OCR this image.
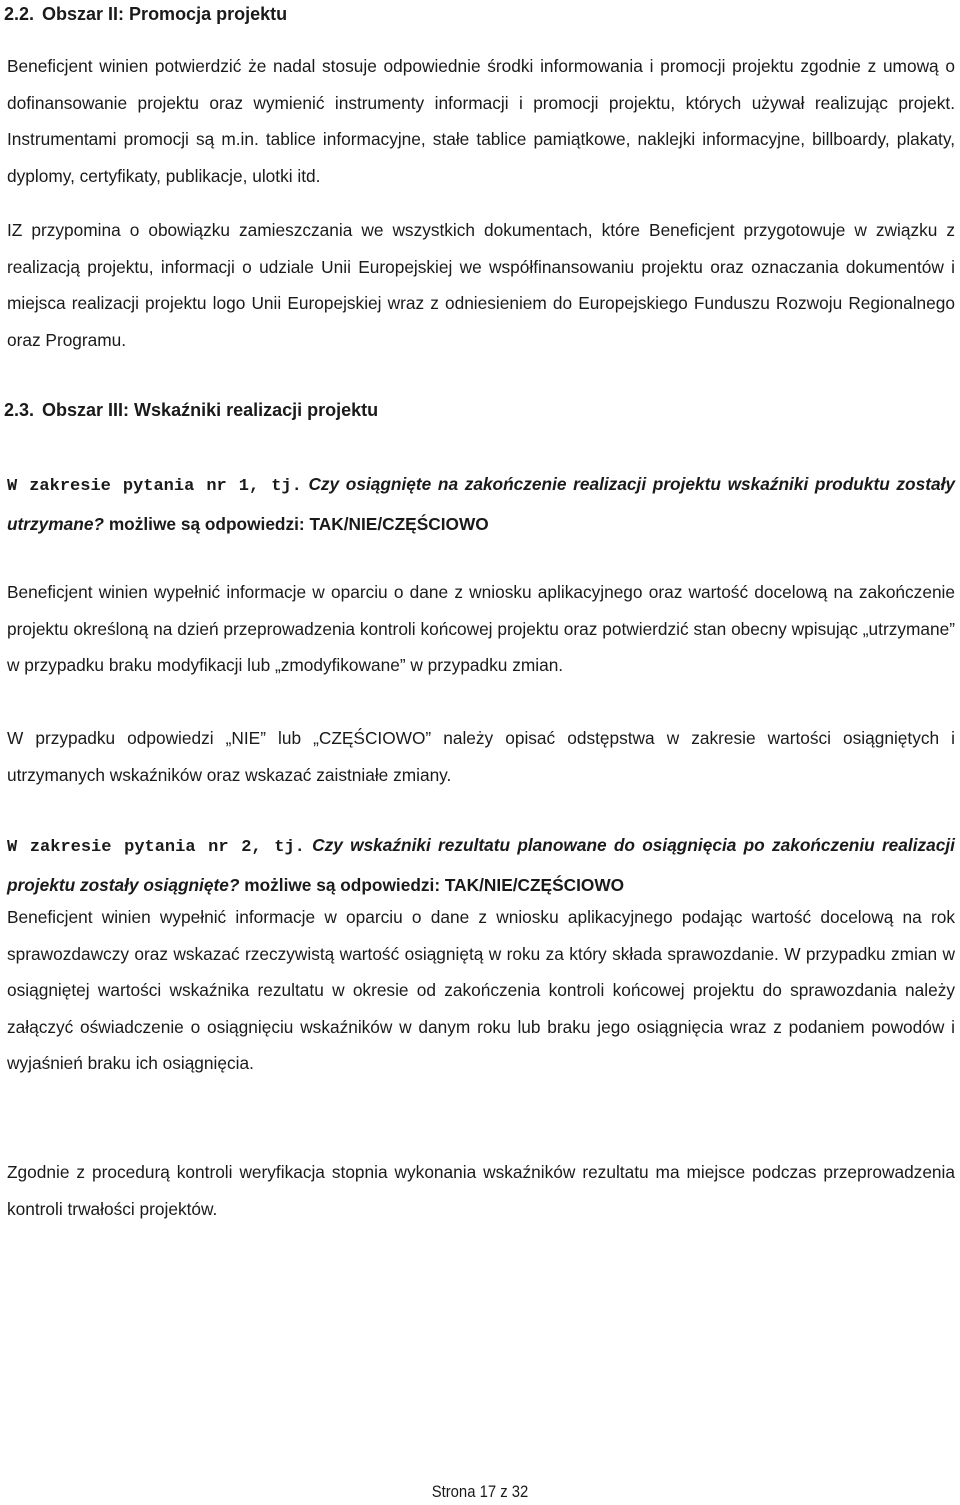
2.2. Obszar II: Promocja projektu

Beneficjent winien potwierdzić że nadal stosuje odpowiednie środki informowania i promocji projektu zgodnie z umową o dofinansowanie projektu oraz wymienić instrumenty informacji i promocji projektu, których używał realizując projekt. Instrumentami promocji są m.in. tablice informacyjne, stałe tablice pamiątkowe, naklejki informacyjne, billboardy, plakaty, dyplomy, certyfikaty, publikacje, ulotki itd.

IZ przypomina o obowiązku zamieszczania we wszystkich dokumentach, które Beneficjent przygotowuje w związku z realizacją projektu, informacji o udziale Unii Europejskiej we współfinansowaniu projektu oraz oznaczania dokumentów i miejsca realizacji projektu logo Unii Europejskiej wraz z odniesieniem do Europejskiego Funduszu Rozwoju Regionalnego oraz Programu.

2.3. Obszar III: Wskaźniki realizacji projektu

W zakresie pytania nr 1, tj. Czy osiągnięte na zakończenie realizacji projektu wskaźniki produktu zostały utrzymane? możliwe są odpowiedzi: TAK/NIE/CZĘŚCIOWO

Beneficjent winien wypełnić informacje w oparciu o dane z wniosku aplikacyjnego oraz wartość docelową na zakończenie projektu określoną na dzień przeprowadzenia kontroli końcowej projektu oraz potwierdzić stan obecny wpisując „utrzymane” w przypadku braku modyfikacji lub „zmodyfikowane” w przypadku zmian.

W przypadku odpowiedzi „NIE” lub „CZĘŚCIOWO” należy opisać odstępstwa w zakresie wartości osiągniętych i utrzymanych wskaźników oraz wskazać zaistniałe zmiany.

W zakresie pytania nr 2, tj. Czy wskaźniki rezultatu planowane do osiągnięcia po zakończeniu realizacji projektu zostały osiągnięte? możliwe są odpowiedzi: TAK/NIE/CZĘŚCIOWO

Beneficjent winien wypełnić informacje w oparciu o dane z wniosku aplikacyjnego podając wartość docelową na rok sprawozdawczy oraz wskazać rzeczywistą wartość osiągniętą w roku za który składa sprawozdanie. W przypadku zmian w osiągniętej wartości wskaźnika rezultatu w okresie od zakończenia kontroli końcowej projektu do sprawozdania należy załączyć oświadczenie o osiągnięciu wskaźników w danym roku lub braku jego osiągnięcia wraz z podaniem powodów i wyjaśnień braku ich osiągnięcia.

Zgodnie z procedurą kontroli weryfikacja stopnia wykonania wskaźników rezultatu ma miejsce podczas przeprowadzenia kontroli trwałości projektów.

Strona 17 z 32
